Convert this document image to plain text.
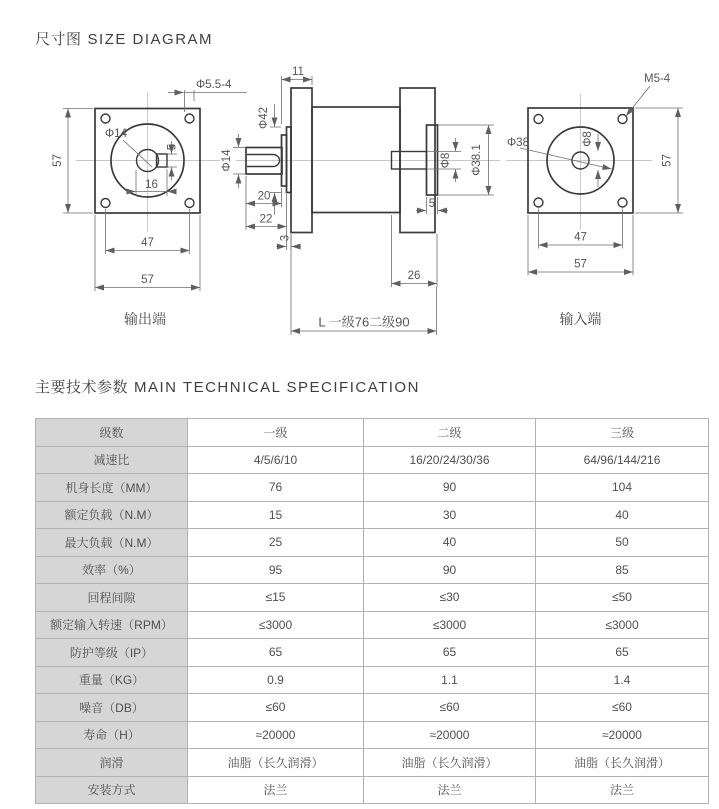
尺寸图 SIZE DIAGRAM
Φ5.5-4
Φ14
5
16
57
47
57
输出端
11
Φ42
Φ14
20
22
3
5
Φ8 Φ38.1
26
L 一级76二级90
M5-4
Φ38	Φ8
57
47
57
输入端
主要技术参数 MAIN TECHNICAL SPECIFICATION
级数	一级	二级	三级
减速比	4/5/6/10	16/20/24/30/36	64/96/144/216
机身长度（MM）	76	90	104
额定负载（N.M）	15	30	40
最大负载（N.M）	25	40	50
效率（%）	95	90	85
回程间隙	≤15	≤30	≤50
额定输入转速（RPM）	≤3000	≤3000	≤3000
防护等级（IP）	65	65	65
重量（KG）	0.9	1.1	1.4
噪音（DB）	≤60	≤60	≤60
寿命（H）	≈20000	≈20000	≈20000
润滑	油脂（长久润滑）	油脂（长久润滑）	油脂（长久润滑）
安装方式	法兰	法兰	法兰
